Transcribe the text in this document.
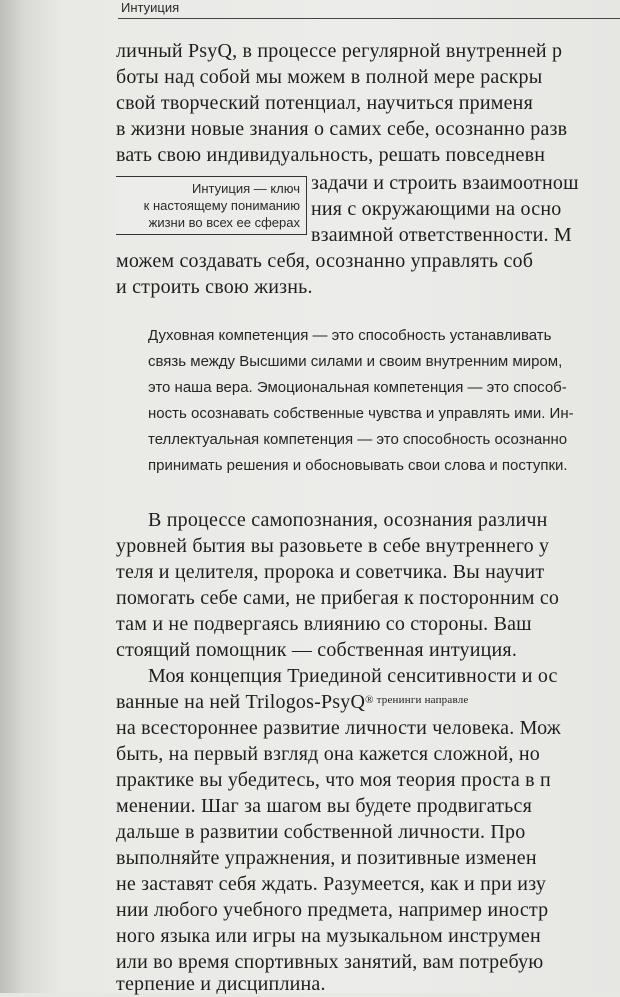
Интуиция
личный PsyQ, в процессе регулярной внутренней р
боты над собой мы можем в полной мере раскры
свой творческий потенциал, научиться применя
в жизни новые знания о самих себе, осознанно разв
вать свою индивидуальность, решать повседневн
Интуиция — ключ
к настоящему пониманию
жизни во всех ее сферах
задачи и строить взаимоотнош
ния с окружающими на осно
взаимной ответственности. М
можем создавать себя, осознанно управлять соб
и строить свою жизнь.
Духовная компетенция — это способность устанавливать
связь между Высшими силами и своим внутренним миром,
это наша вера. Эмоциональная компетенция — это способ-
ность осознавать собственные чувства и управлять ими. Ин-
теллектуальная компетенция — это способность осознанно
принимать решения и обосновывать свои слова и поступки.
В процессе самопознания, осознания различн
уровней бытия вы разовьете в себе внутреннего у
теля и целителя, пророка и советчика. Вы научит
помогать себе сами, не прибегая к посторонним со
там и не подвергаясь влиянию со стороны. Ваш
стоящий помощник — собственная интуиция.
Моя концепция Триединой сенситивности и ос
ванные на ней Trilogos-PsyQ$^{® тренинги направле}$
на всестороннее развитие личности человека. Мож
быть, на первый взгляд она кажется сложной, но
практике вы убедитесь, что моя теория проста в п
менении. Шаг за шагом вы будете продвигаться
дальше в развитии собственной личности. Про
выполняйте упражнения, и позитивные изменен
не заставят себя ждать. Разумеется, как и при изу
нии любого учебного предмета, например иностр
ного языка или игры на музыкальном инструмен
или во время спортивных занятий, вам потребую
терпение и дисциплина.
